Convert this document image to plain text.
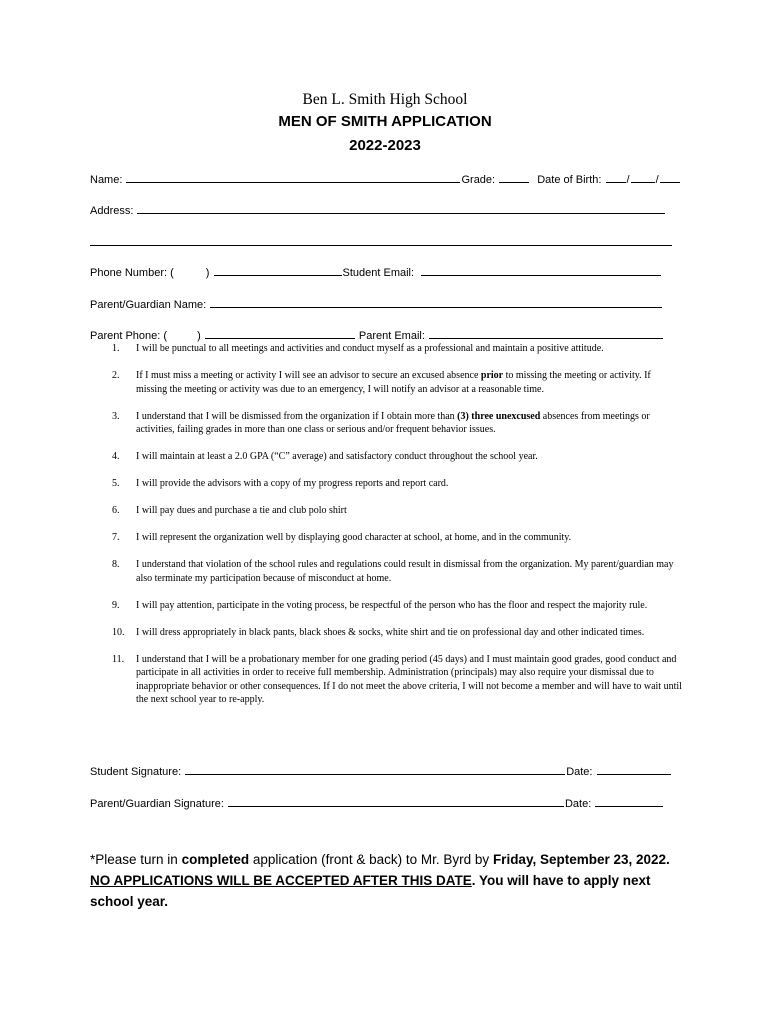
Ben L. Smith High School
MEN OF SMITH APPLICATION
2022-2023
Name:	Grade:	Date of Birth: / /
Address:
Phone Number: (	)	Student Email:
Parent/Guardian Name:
Parent Phone: (	)	Parent Email:
1. I will be punctual to all meetings and activities and conduct myself as a professional and maintain a positive attitude.
2. If I must miss a meeting or activity I will see an advisor to secure an excused absence prior to missing the meeting or activity. If missing the meeting or activity was due to an emergency, I will notify an advisor at a reasonable time.
3. I understand that I will be dismissed from the organization if I obtain more than (3) three unexcused absences from meetings or activities, failing grades in more than one class or serious and/or frequent behavior issues.
4. I will maintain at least a 2.0 GPA (“C” average) and satisfactory conduct throughout the school year.
5. I will provide the advisors with a copy of my progress reports and report card.
6. I will pay dues and purchase a tie and club polo shirt
7. I will represent the organization well by displaying good character at school, at home, and in the community.
8. I understand that violation of the school rules and regulations could result in dismissal from the organization. My parent/guardian may also terminate my participation because of misconduct at home.
9. I will pay attention, participate in the voting process, be respectful of the person who has the floor and respect the majority rule.
10. I will dress appropriately in black pants, black shoes & socks, white shirt and tie on professional day and other indicated times.
11. I understand that I will be a probationary member for one grading period (45 days) and I must maintain good grades, good conduct and participate in all activities in order to receive full membership. Administration (principals) may also require your dismissal due to inappropriate behavior or other consequences. If I do not meet the above criteria, I will not become a member and will have to wait until the next school year to re-apply.
Student Signature:	Date:
Parent/Guardian Signature:	Date:
*Please turn in completed application (front & back) to Mr. Byrd by Friday, September 23, 2022. NO APPLICATIONS WILL BE ACCEPTED AFTER THIS DATE. You will have to apply next school year.
